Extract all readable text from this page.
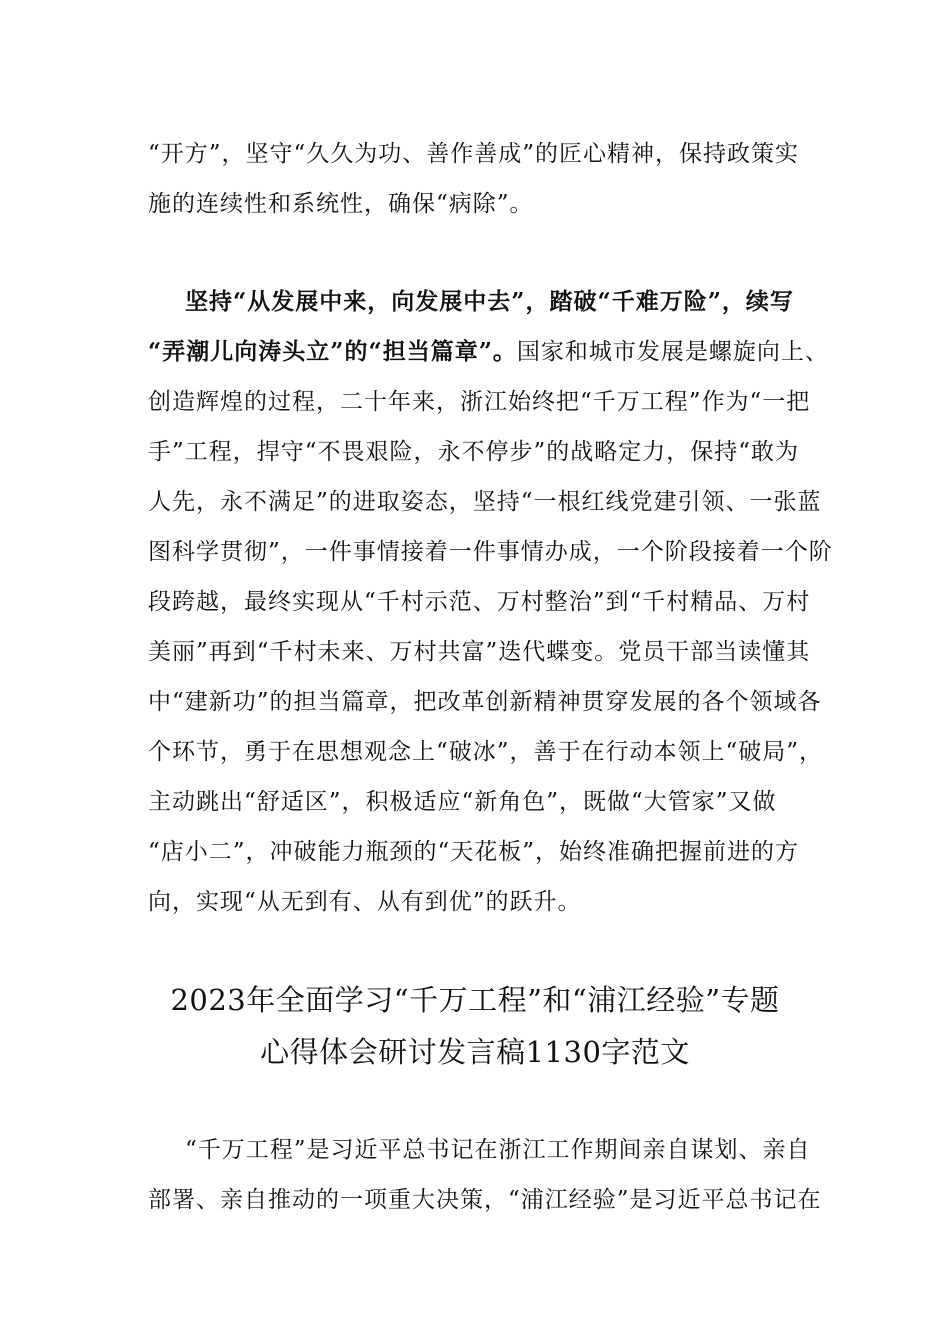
“开方”，坚守“久久为功、善作善成”的匠心精神，保持政策实
施的连续性和系统性，确保“病除”。
坚持“从发展中来，向发展中去”，踏破“千难万险”，续写
“弄潮儿向涛头立”的“担当篇章”。国家和城市发展是螺旋向上、
创造辉煌的过程，二十年来，浙江始终把“千万工程”作为“一把
手”工程，捍守“不畏艰险，永不停步”的战略定力，保持“敢为
人先，永不满足”的进取姿态，坚持“一根红线党建引领、一张蓝
图科学贯彻”，一件事情接着一件事情办成，一个阶段接着一个阶
段跨越，最终实现从“千村示范、万村整治”到“千村精品、万村
美丽”再到“千村未来、万村共富”迭代蝶变。党员干部当读懂其
中“建新功”的担当篇章，把改革创新精神贯穿发展的各个领域各
个环节，勇于在思想观念上“破冰”，善于在行动本领上“破局”，
主动跳出“舒适区”，积极适应“新角色”，既做“大管家”又做
“店小二”，冲破能力瓶颈的“天花板”，始终准确把握前进的方
向，实现“从无到有、从有到优”的跃升。
2023年全面学习“千万工程”和“浦江经验”专题
心得体会研讨发言稿1130字范文
“千万工程”是习近平总书记在浙江工作期间亲自谋划、亲自
部署、亲自推动的一项重大决策，“浦江经验”是习近平总书记在
